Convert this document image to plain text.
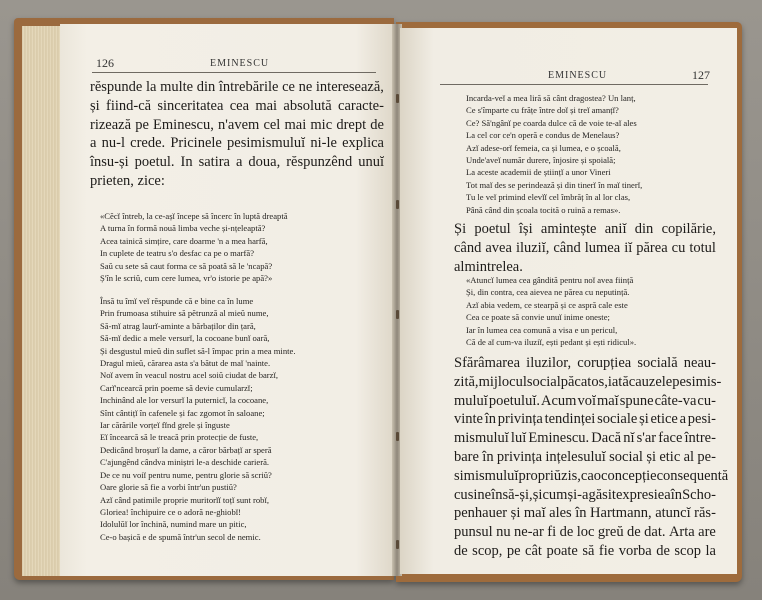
126	EMINESCU
rĕspunde la multe din întrebările ce ne interesează,
și fiind-că sinceritatea cea mai absolută caracte-
rizează pe Eminescu, n'avem cel mai mic drept de
a nu-l crede. Pricinele pesimismuluĭ ni-le explica
însu-și poetul. In satira a doua, rĕspunzênd unuĭ
prieten, zice:
«Cĕcĭ întreb, la ce-așĭ începe să încerc în luptă dreaptă
A turna în formă nouă limba veche și-nțeleaptă?
Acea tainică simțire, care doarme 'n a mea harfă,
In cuplete de teatru s'o desfac ca pe o marfă?
Saŭ cu sete să caut forma ce să poată să le 'ncapă?
Ș'în le scriŭ, cum cere lumea, vr'o istorie pe apă?»
Însă tu îmĭ veĭ rĕspunde că e bine ca în lume
Prin frumoasa stihuire să pĕtrunză al mieŭ nume,
Să-mĭ atrag laurĭ-aminte a bărbaților din țară,
Să-mĭ dedic a mele versurĭ, la cocoane bunĭ oară,
Și desgustul mieŭ din suflet să-l împac prin a mea minte.
Dragul mieŭ, cărarea asta s'a bătut de maĭ 'nainte.
Noĭ avem în veacul nostru acel soiŭ ciudat de barzĭ,
Carĭ'ncearcă prin poeme să devie cumularzĭ;
Inchinând ale lor versurĭ la puternicĭ, la cocoane,
Sînt cântițĭ în cafenele și fac zgomot în saloane;
Iar cărările vorțeĭ fĭnd grele și înguste
Eĭ încearcă să le treacă prin protecție de fuste,
Dedicând broșurĭ la dame, a căror bărbațĭ ar speră
C'ajungênd cândva miniștri le-a deschide carieră.
De ce nu voiĭ pentru nume, pentru glorie să scriŭ?
Oare glorie să fie a vorbi într'un pustiŭ?
Azĭ când patimile proprie muritorĭĭ toțĭ sunt robĭ,
Gloriea! închipuire ce o adoră ne-ghiobĭ!
Idolulŭĭ lor închină, numind mare un pitic,
Ce-o bașică e de spumă într'un secol de nemic.
EMINESCU	127
Incarda-veĭ a mea liră să cânt dragostea? Un lanț,
Ce s'împarte cu frățe între doĭ și treĭ amanțĭ?
Ce? Să'ngânĭ pe coarda dulce că de voie te-aĭ ales
La cel cor ce'n operă e condus de Menelaus?
Azĭ adese-orĭ femeia, ca și lumea, e o școală,
Unde'aveĭ număr durere, înjosire și spoială;
La aceste academii de științĭ a unor Vineri
Tot maĭ des se perindează și din tinerĭ în maĭ tinerĭ,
Tu le veĭ primind elevĭĭ cel îmbrăț în al lor clas,
Până când din școala tocită o ruină a remas».
Și poetul își amintește aniĭ din copilărie,
când avea iluziĭ, când lumea iĭ părea cu totul
almintrelea.
«Atuncĭ lumea cea gândită pentru noĭ avea ființă
Și, din contra, cea aievea ne părea cu neputință.
Azĭ abia vedem, ce stearpă și ce aspră cale este
Cea ce poate să convie unuĭ inime oneste;
Iar în lumea cea comună a visa e un pericul,
Că de aĭ cum-va iluziĭ, ești pedant și ești ridicul».
Sfărâmarea iluzilor, corupțiea socială neau-
zită, mijlocul social păcatos, iată cauzele pesimis-
muluĭ poetuluĭ. Acum voĭ maĭ spune câte-va cu-
vinte în privința tendinței sociale și etice a pesi-
mismuluĭ luĭ Eminescu. Dacă nĭ s'ar face între-
bare în privința ințelesuluĭ social și etic al pe-
simismuluĭ propriŭ zis, ca o concepție consequentă
cu sine însă-și, și cum și-a găsit expresiea în Scho-
penhauer și maĭ ales în Hartmann, atuncĭ răs-
punsul nu ne-ar fi de loc greŭ de dat. Arta are
de scop, pe cât poate să fie vorba de scop la
